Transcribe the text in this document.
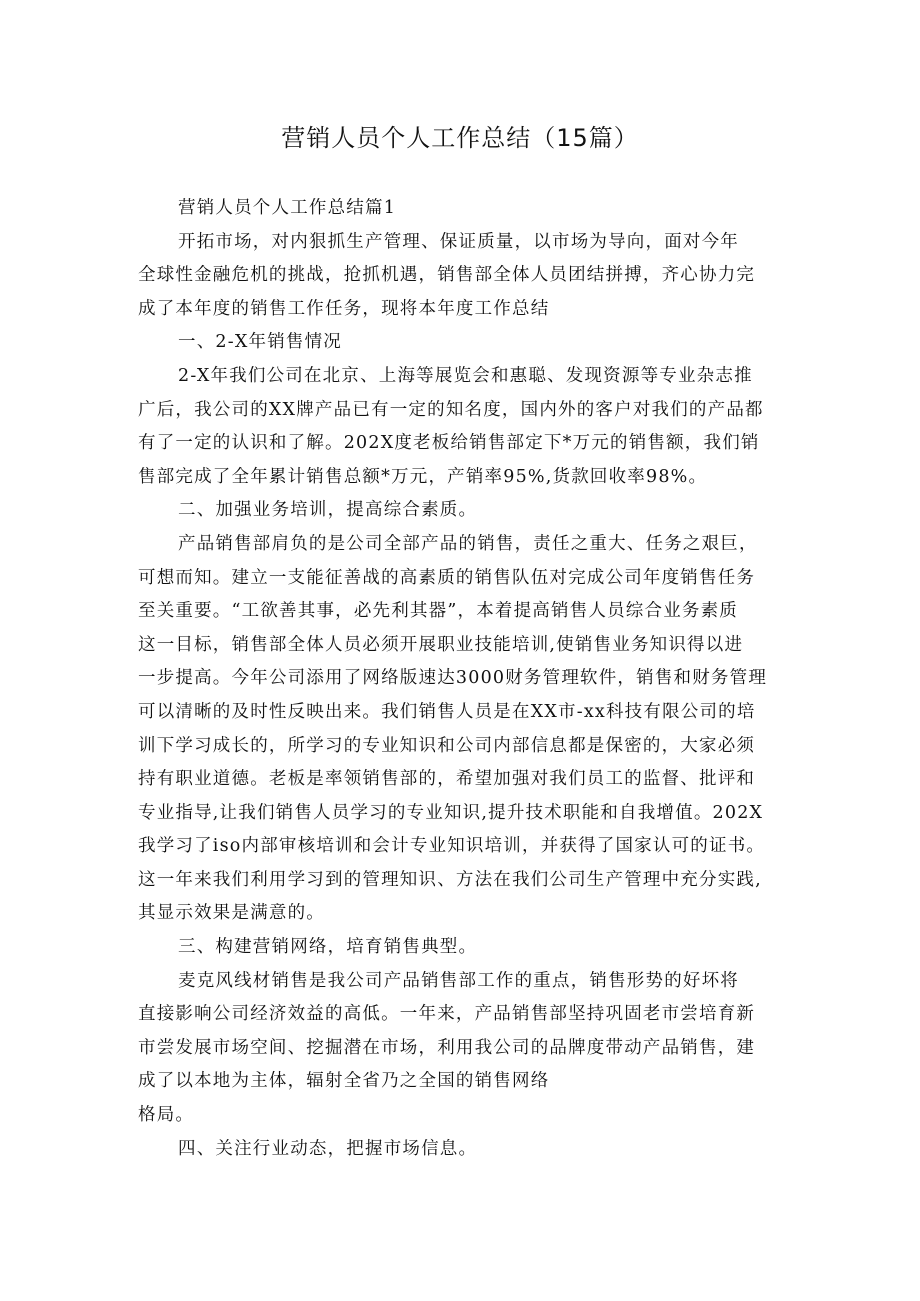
营销人员个人工作总结（15篇）
营销人员个人工作总结篇1
开拓市场，对内狠抓生产管理、保证质量，以市场为导向，面对今年
全球性金融危机的挑战，抢抓机遇，销售部全体人员团结拼搏，齐心协力完
成了本年度的销售工作任务，现将本年度工作总结
一、2-X年销售情况
2-X年我们公司在北京、上海等展览会和惠聪、发现资源等专业杂志推
广后，我公司的XX牌产品已有一定的知名度，国内外的客户对我们的产品都
有了一定的认识和了解。202X度老板给销售部定下*万元的销售额，我们销
售部完成了全年累计销售总额*万元，产销率95%,货款回收率98%。
二、加强业务培训，提高综合素质。
产品销售部肩负的是公司全部产品的销售，责任之重大、任务之艰巨，
可想而知。建立一支能征善战的高素质的销售队伍对完成公司年度销售任务
至关重要。“工欲善其事，必先利其器”，本着提高销售人员综合业务素质
这一目标，销售部全体人员必须开展职业技能培训,使销售业务知识得以进
一步提高。今年公司添用了网络版速达3000财务管理软件，销售和财务管理
可以清晰的及时性反映出来。我们销售人员是在XX市-xx科技有限公司的培
训下学习成长的，所学习的专业知识和公司内部信息都是保密的，大家必须
持有职业道德。老板是率领销售部的，希望加强对我们员工的监督、批评和
专业指导,让我们销售人员学习的专业知识,提升技术职能和自我增值。202X
我学习了iso内部审核培训和会计专业知识培训，并获得了国家认可的证书。
这一年来我们利用学习到的管理知识、方法在我们公司生产管理中充分实践,
其显示效果是满意的。
三、构建营销网络，培育销售典型。
麦克风线材销售是我公司产品销售部工作的重点，销售形势的好坏将
直接影响公司经济效益的高低。一年来，产品销售部坚持巩固老市尝培育新
市尝发展市场空间、挖掘潜在市场，利用我公司的品牌度带动产品销售，建
成了以本地为主体，辐射全省乃之全国的销售网络
格局。
四、关注行业动态，把握市场信息。
